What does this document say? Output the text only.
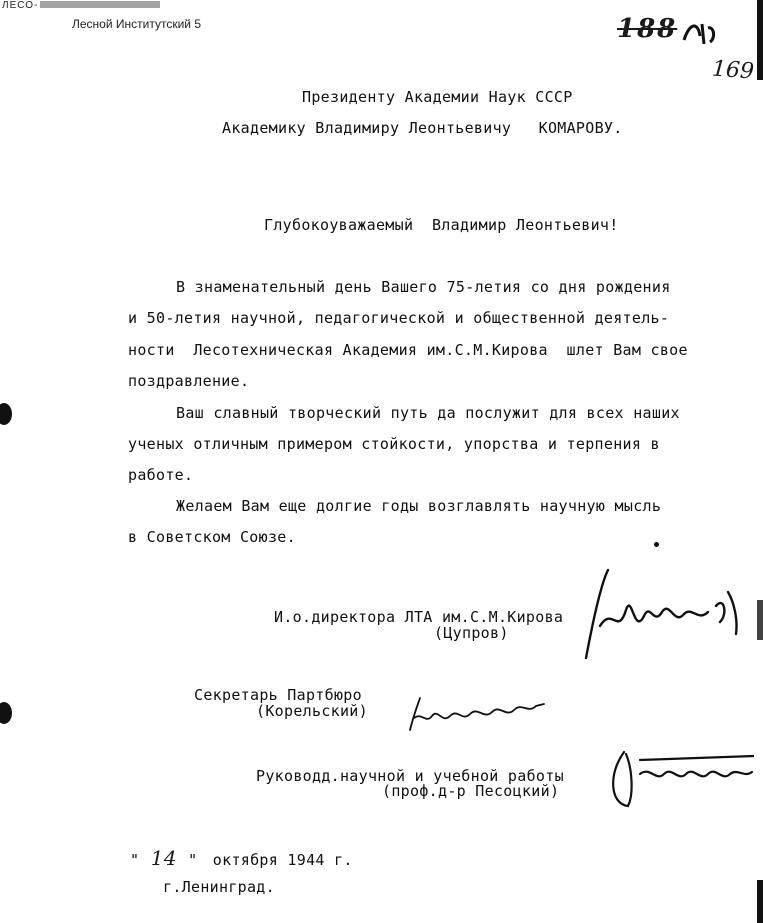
ЛЕСО-
Лесной Институтский 5	188
169
Президенту Академии Наук СССР
Академику Владимиру Леонтьевичу КОМАРОВУ.
Глубокоуважаемый  Владимир Леонтьевич!
В знаменательный день Вашего 75-летия со дня рождения
и 50-летия научной, педагогической и общественной деятель-
ности  Лесотехническая Академия им.С.М.Кирова  шлет Вам свое
поздравление.
Ваш славный творческий путь да послужит для всех наших
ученых отличным примером стойкости, упорства и терпения в
работе.
Желаем Вам еще долгие годы возглавлять научную мысль
в Советском Союзе.
И.о.директора ЛТА им.С.М.Кирова
(Цупров)
Секретарь Партбюро
(Корельский)
Руководд.научной и учебной работы
(проф.д-р Песоцкий)
" 14 " октября 1944 г.
г.Ленинград.
